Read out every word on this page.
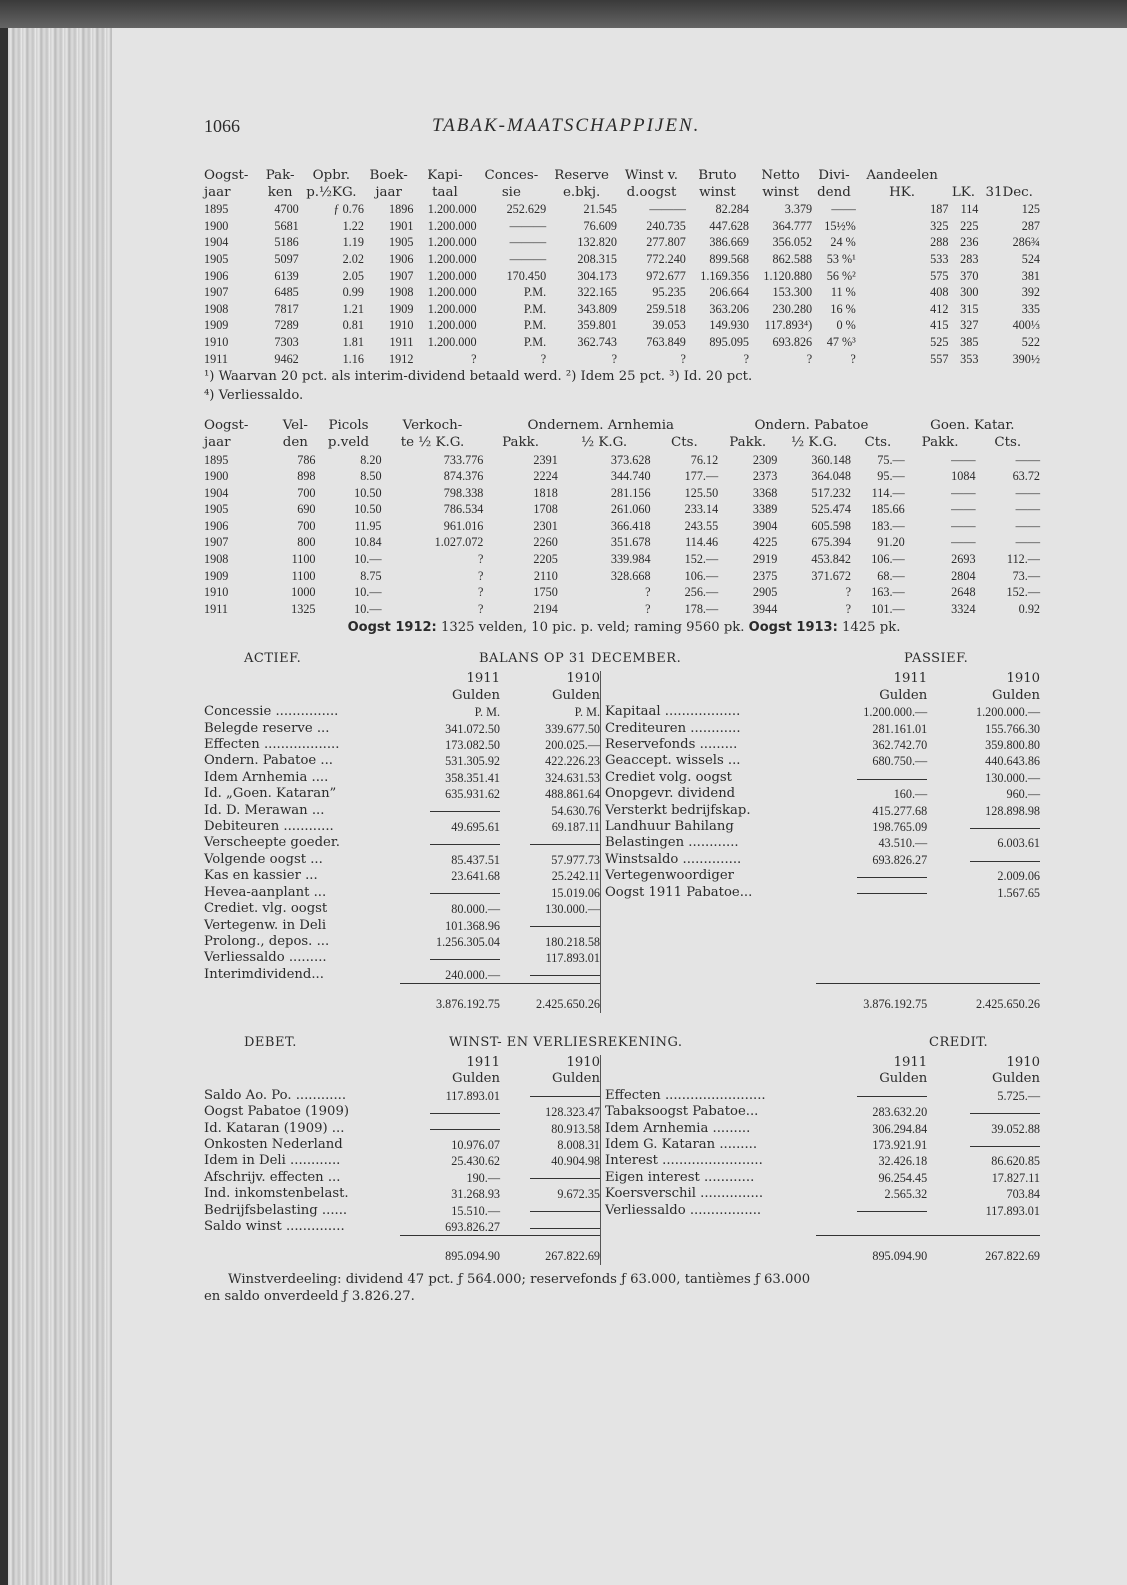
1066	TABAK-MAATSCHAPPIJEN.
Oogst-	Pak-	Opbr.	Boek-	Kapi-	Conces-	Reserve	Winst v.	Bruto	Netto	Divi-	Aandeelen		
jaar	ken	p.½KG.	jaar	taal	sie	e.bkj.	d.oogst	winst	winst	dend	HK.	LK.	31Dec.
1895	4700	ƒ 0.76	1896	1.200.000	252.629	21.545	———	82.284	3.379	——	187	114	125
1900	5681	1.22	1901	1.200.000	———	76.609	240.735	447.628	364.777	15½%	325	225	287
1904	5186	1.19	1905	1.200.000	———	132.820	277.807	386.669	356.052	24 %	288	236	286¾
1905	5097	2.02	1906	1.200.000	———	208.315	772.240	899.568	862.588	53 %¹	533	283	524
1906	6139	2.05	1907	1.200.000	170.450	304.173	972.677	1.169.356	1.120.880	56 %²	575	370	381
1907	6485	0.99	1908	1.200.000	P.M.	322.165	95.235	206.664	153.300	11 %	408	300	392
1908	7817	1.21	1909	1.200.000	P.M.	343.809	259.518	363.206	230.280	16 %	412	315	335
1909	7289	0.81	1910	1.200.000	P.M.	359.801	39.053	149.930	117.893⁴)	0 %	415	327	400⅓
1910	7303	1.81	1911	1.200.000	P.M.	362.743	763.849	895.095	693.826	47 %³	525	385	522
1911	9462	1.16	1912	?	?	?	?	?	?	?	557	353	390½
¹) Waarvan 20 pct. als interim-dividend betaald werd. ²) Idem 25 pct. ³) Id. 20 pct.
⁴) Verliessaldo.
Oogst-	Vel-	Picols	Verkoch-	Ondernem. Arnhemia			Ondern. Pabatoe			Goen. Katar.	
jaar	den	p.veld	te ½ K.G.	Pakk.	½ K.G.	Cts.	Pakk.	½ K.G.	Cts.	Pakk.	Cts.
1895	786	8.20	733.776	2391	373.628	76.12	2309	360.148	75.—	——	——
1900	898	8.50	874.376	2224	344.740	177.—	2373	364.048	95.—	1084	63.72
1904	700	10.50	798.338	1818	281.156	125.50	3368	517.232	114.—	——	——
1905	690	10.50	786.534	1708	261.060	233.14	3389	525.474	185.66	——	——
1906	700	11.95	961.016	2301	366.418	243.55	3904	605.598	183.—	——	——
1907	800	10.84	1.027.072	2260	351.678	114.46	4225	675.394	91.20	——	——
1908	1100	10.—	?	2205	339.984	152.—	2919	453.842	106.—	2693	112.—
1909	1100	8.75	?	2110	328.668	106.—	2375	371.672	68.—	2804	73.—
1910	1000	10.—	?	1750	?	256.—	2905	?	163.—	2648	152.—
1911	1325	10.—	?	2194	?	178.—	3944	?	101.—	3324	0.92
Oogst 1912: 1325 velden, 10 pic. p. veld; raming 9560 pk. Oogst 1913: 1425 pk.
ACTIEF.	BALANS OP 31 DECEMBER.	PASSIEF.
	1911	1910
	Gulden	Gulden
Concessie ...............	P. M.	P. M.
Belegde reserve ...	341.072.50	339.677.50
Effecten ..................	173.082.50	200.025.—
Ondern. Pabatoe ...	531.305.92	422.226.23
Idem Arnhemia ....	358.351.41	324.631.53
Id. „Goen. Kataran”	635.931.62	488.861.64
Id. D. Merawan ...		54.630.76
Debiteuren ............	49.695.61	69.187.11
Verscheepte goeder.		
Volgende oogst ...	85.437.51	57.977.73
Kas en kassier ...	23.641.68	25.242.11
Hevea-aanplant ...		15.019.06
Crediet. vlg. oogst	80.000.—	130.000.—
Vertegenw. in Deli	101.368.96	
Prolong., depos. ...	1.256.305.04	180.218.58
Verliessaldo .........		117.893.01
Interimdividend...	240.000.—	
	3.876.192.75	2.425.650.26
	1911	1910
	Gulden	Gulden
Kapitaal ..................	1.200.000.—	1.200.000.—
Crediteuren ............	281.161.01	155.766.30
Reservefonds .........	362.742.70	359.800.80
Geaccept. wissels ...	680.750.—	440.643.86
Crediet volg. oogst		130.000.—
Onopgevr. dividend	160.—	960.—
Versterkt bedrijfskap.	415.277.68	128.898.98
Landhuur Bahilang	198.765.09	
Belastingen ............	43.510.—	6.003.61
Winstsaldo ..............	693.826.27	
Vertegenwoordiger		2.009.06
Oogst 1911 Pabatoe...		1.567.65

	3.876.192.75	2.425.650.26
DEBET.	WINST- EN VERLIESREKENING.	CREDIT.
	1911	1910
	Gulden	Gulden
Saldo Ao. Po. ............	117.893.01	
Oogst Pabatoe (1909)		128.323.47
Id. Kataran (1909) ...		80.913.58
Onkosten Nederland	10.976.07	8.008.31
Idem in Deli ............	25.430.62	40.904.98
Afschrijv. effecten ...	190.—	
Ind. inkomstenbelast.	31.268.93	9.672.35
Bedrijfsbelasting ......	15.510.—	
Saldo winst ..............	693.826.27	
	895.094.90	267.822.69
	1911	1910
	Gulden	Gulden
Effecten ........................		5.725.—
Tabaksoogst Pabatoe...	283.632.20	
Idem Arnhemia .........	306.294.84	39.052.88
Idem G. Kataran .........	173.921.91	
Interest ........................	32.426.18	86.620.85
Eigen interest ............	96.254.45	17.827.11
Koersverschil ...............	2.565.32	703.84
Verliessaldo .................		117.893.01

	895.094.90	267.822.69
Winstverdeeling: dividend 47 pct. ƒ 564.000; reservefonds ƒ 63.000, tantièmes ƒ 63.000
en saldo onverdeeld ƒ 3.826.27.
